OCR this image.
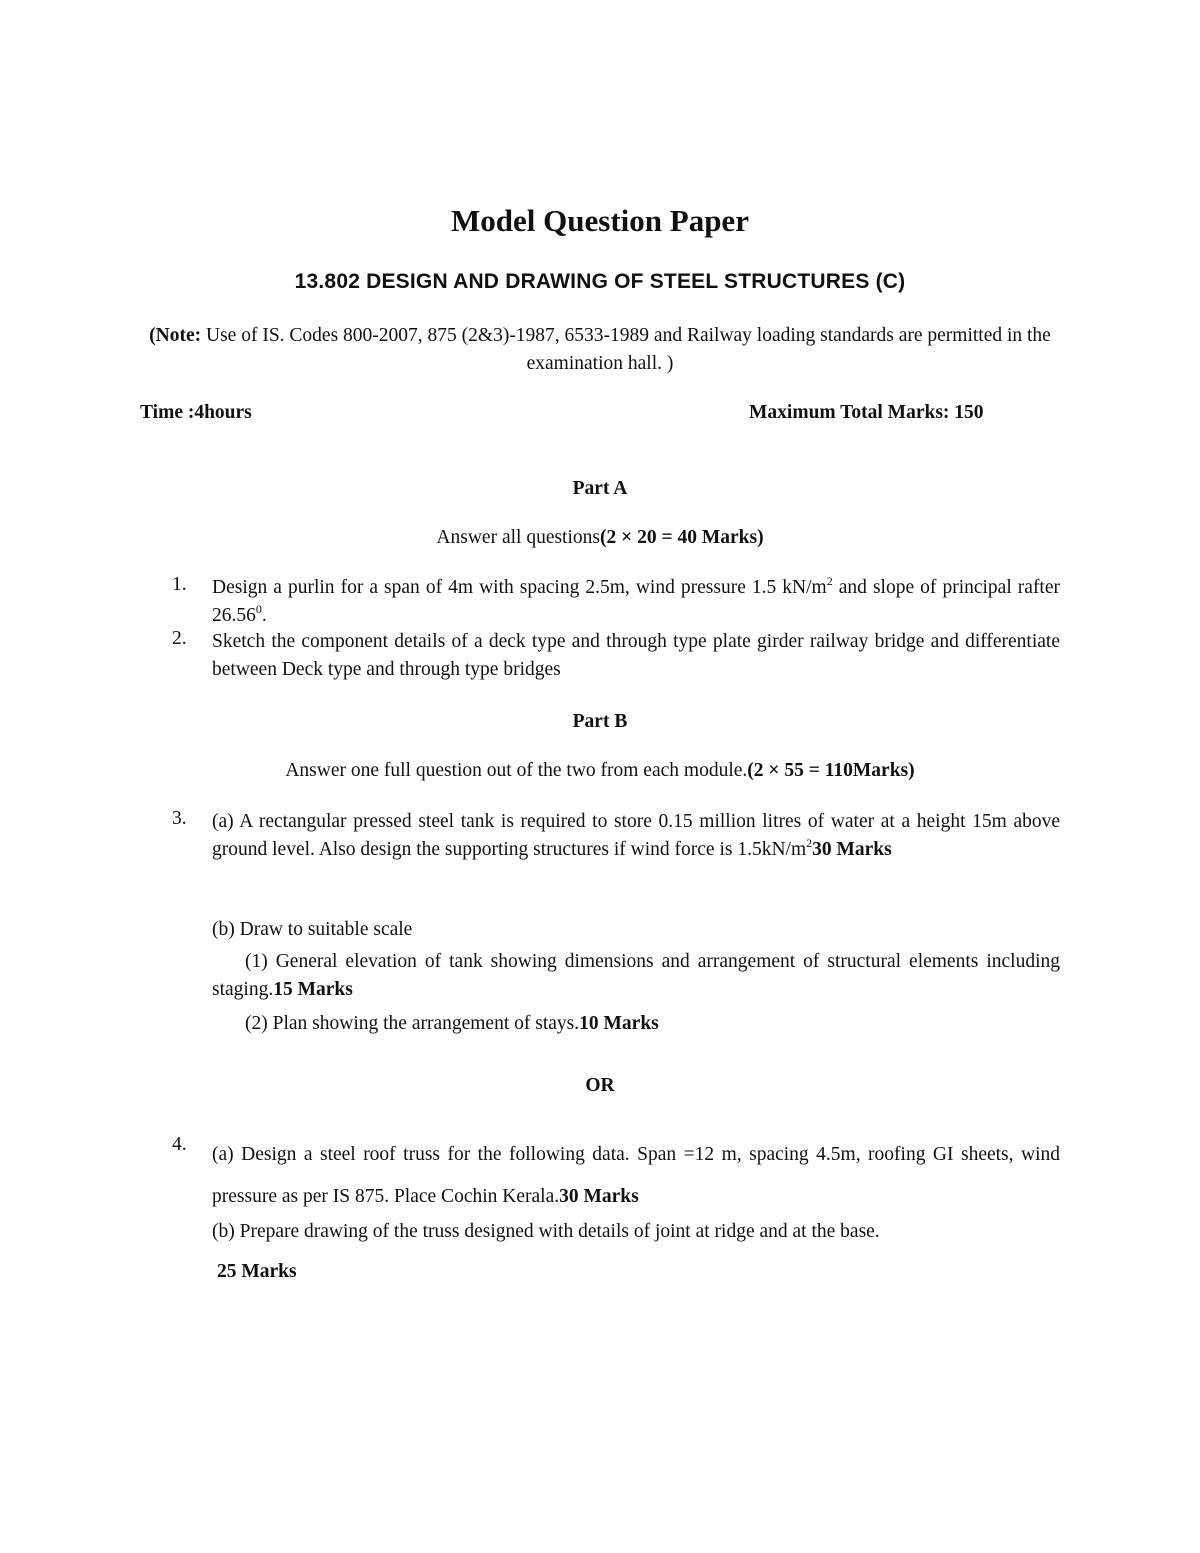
Model Question Paper
13.802 DESIGN AND DRAWING OF STEEL STRUCTURES (C)
(Note: Use of IS. Codes 800-2007, 875 (2&3)-1987, 6533-1989 and Railway loading standards are permitted in the examination hall. )
Time :4hours	Maximum Total Marks: 150
Part A
Answer all questions(2 × 20 = 40 Marks)
1. Design a purlin for a span of 4m with spacing 2.5m, wind pressure 1.5 $kN/m^2$ and slope of principal rafter 26.56$^0$.
2. Sketch the component details of a deck type and through type plate girder railway bridge and differentiate between Deck type and through type bridges
Part B
Answer one full question out of the two from each module.(2 × 55 = 110Marks)
3. (a) A rectangular pressed steel tank is required to store 0.15 million litres of water at a height 15m above ground level. Also design the supporting structures if wind force is $1.5kN/m^230$ Marks
(b) Draw to suitable scale
(1) General elevation of tank showing dimensions and arrangement of structural elements including staging.15 Marks
(2) Plan showing the arrangement of stays.10 Marks
OR
4. (a) Design a steel roof truss for the following data. Span =12 m, spacing 4.5m, roofing GI sheets, wind pressure as per IS 875. Place Cochin Kerala.30 Marks
(b) Prepare drawing of the truss designed with details of joint at ridge and at the base.
25 Marks
